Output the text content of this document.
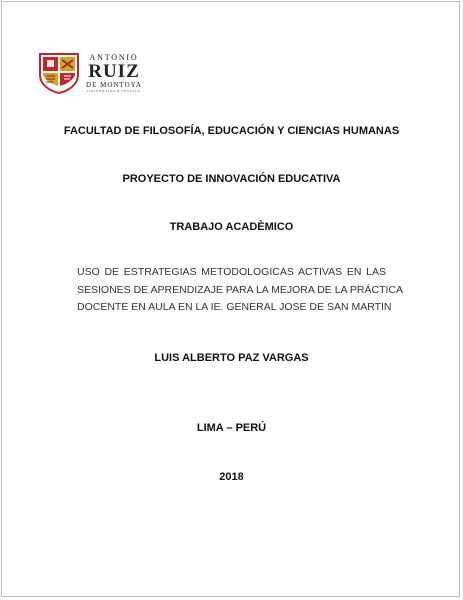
ANTONIO
RUIZ
DE MONTOYA
UNIVERSIDAD JESUITA
FACULTAD DE FILOSOFÍA, EDUCACIÓN Y CIENCIAS HUMANAS
PROYECTO DE INNOVACIÓN EDUCATIVA
TRABAJO ACADÈMICO
USO DE ESTRATEGIAS METODOLOGICAS ACTIVAS EN LAS
SESIONES DE APRENDIZAJE PARA LA MEJORA DE LA PRÁCTICA
DOCENTE EN AULA EN LA IE. GENERAL JOSE DE SAN MARTIN
LUIS ALBERTO PAZ VARGAS
LIMA – PERÚ
2018
